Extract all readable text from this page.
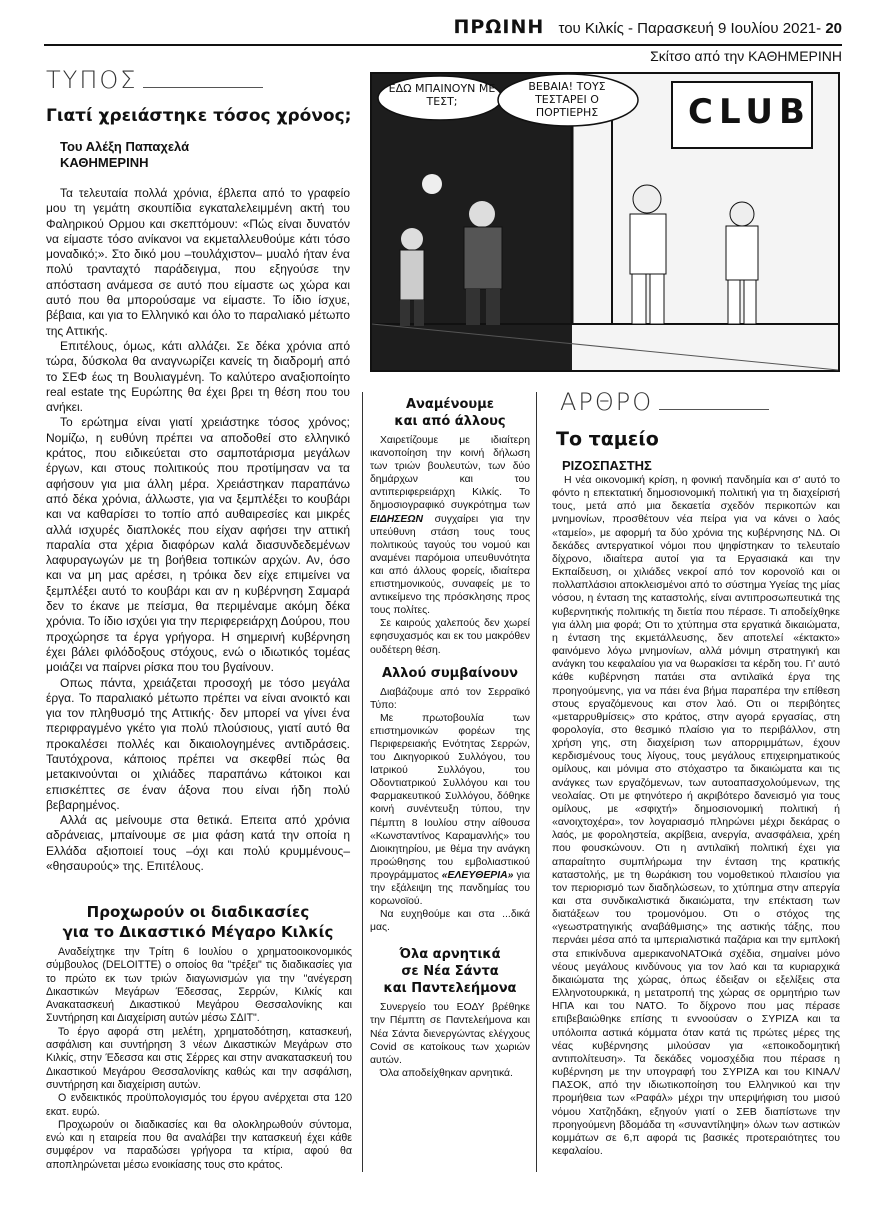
ΠΡΩΙΝΗ του Κιλκίς - Παρασκευή 9 Ιουλίου 2021- 20
Σκίτσο από την ΚΑΘΗΜΕΡΙΝΗ
ΤΥΠΟΣ
Γιατί χρειάστηκε τόσος χρόνος;
Του Αλέξη Παπαχελά
ΚΑΘΗΜΕΡΙΝΗ

Τα τελευταία πολλά χρόνια, έβλεπα από το γραφείο μου τη γεμάτη σκουπίδια εγκαταλελειμμένη ακτή του Φαληρικού Ορμου και σκεπτόμουν: «Πώς είναι δυνατόν να είμαστε τόσο ανίκανοι να εκμεταλλευθούμε κάτι τόσο μοναδικό;». Στο δικό μου –τουλάχιστον– μυαλό ήταν ένα πολύ τρανταχτό παράδειγμα, που εξηγούσε την απόσταση ανάμεσα σε αυτό που είμαστε ως χώρα και αυτό που θα μπορούσαμε να είμαστε. Το ίδιο ίσχυε, βέβαια, και για το Ελληνικό και όλο το παραλιακό μέτωπο της Αττικής.

Επιτέλους, όμως, κάτι αλλάζει. Σε δέκα χρόνια από τώρα, δύσκολα θα αναγνωρίζει κανείς τη διαδρομή από το ΣΕΦ έως τη Βουλιαγμένη. Το καλύτερο αναξιοποίητο real estate της Ευρώπης θα έχει βρει τη θέση που του ανήκει.

Το ερώτημα είναι γιατί χρειάστηκε τόσος χρόνος; Νομίζω, η ευθύνη πρέπει να αποδοθεί στο ελληνικό κράτος, που ειδικεύεται στο σαμποτάρισμα μεγάλων έργων, και στους πολιτικούς που προτίμησαν να τα αφήσουν για μια άλλη μέρα. Χρειάστηκαν παραπάνω από δέκα χρόνια, άλλωστε, για να ξεμπλέξει το κουβάρι και να καθαρίσει το τοπίο από αυθαιρεσίες και μικρές αλλά ισχυρές διαπλοκές που είχαν αφήσει την αττική παραλία στα χέρια διαφόρων καλά διασυνδεδεμένων λαφυραγωγών με τη βοήθεια τοπικών αρχών. Αν, όσο και να μη μας αρέσει, η τρόικα δεν είχε επιμείνει να ξεμπλέξει αυτό το κουβάρι και αν η κυβέρνηση Σαμαρά δεν το έκανε με πείσμα, θα περιμέναμε ακόμη δέκα χρόνια. Το ίδιο ισχύει για την περιφερειάρχη Δούρου, που προχώρησε τα έργα γρήγορα. Η σημερινή κυβέρνηση έχει βάλει φιλόδοξους στόχους, ενώ ο ιδιωτικός τομέας μοιάζει να παίρνει ρίσκα που του βγαίνουν.

Οπως πάντα, χρειάζεται προσοχή με τόσο μεγάλα έργα. Το παραλιακό μέτωπο πρέπει να είναι ανοικτό και για τον πληθυσμό της Αττικής· δεν μπορεί να γίνει ένα περιφραγμένο γκέτο για πολύ πλούσιους, γιατί αυτό θα προκαλέσει πολλές και δικαιολογημένες αντιδράσεις. Ταυτόχρονα, κάποιος πρέπει να σκεφθεί πώς θα μετακινούνται οι χιλιάδες παραπάνω κάτοικοι και επισκέπτες σε έναν άξονα που είναι ήδη πολύ βεβαρημένος.

Αλλά ας μείνουμε στα θετικά. Επειτα από χρόνια αδράνειας, μπαίνουμε σε μια φάση κατά την οποία η Ελλάδα αξιοποιεί τους –όχι και πολύ κρυμμένους– «θησαυρούς» της. Επιτέλους.

Προχωρούν οι διαδικασίες
για το Δικαστικό Μέγαρο Κιλκίς

Αναδείχτηκε την Τρίτη 6 Ιουλίου ο χρηματοοικονομικός σύμβουλος (DELOITTE) ο οποίος θα "τρέξει" τις διαδικασίες για το πρώτο εκ των τριών διαγωνισμών για την "ανέγερση Δικαστικών Μεγάρων Έδεσσας, Σερρών, Κιλκίς και Ανακατασκευή Δικαστικού Μεγάρου Θεσσαλονίκης και Συντήρηση και Διαχείριση αυτών μέσω ΣΔΙΤ".

Το έργο αφορά στη μελέτη, χρηματοδότηση, κατασκευή, ασφάλιση και συντήρηση 3 νέων Δικαστικών Μεγάρων στο Κιλκίς, στην Έδεσσα και στις Σέρρες και στην ανακατασκευή του Δικαστικού Μεγάρου Θεσσαλονίκης καθώς και την ασφάλιση, συντήρηση και διαχείριση αυτών.

Ο ενδεικτικός προϋπολογισμός του έργου ανέρχεται στα 120 εκατ. ευρώ.

Προχωρούν οι διαδικασίες και θα ολοκληρωθούν σύντομα, ενώ και η εταιρεία που θα αναλάβει την κατασκευή έχει κάθε συμφέρον να παραδώσει γρήγορα τα κτίρια, αφού θα αποπληρώνεται μέσω ενοικίασης τους στο κράτος.

ΕΔΩ ΜΠΑΙΝΟΥΝ ΜΕ ΤΕΣΤ;
ΒΕΒΑΙΑ! ΤΟΥΣ ΤΕΣΤΑΡΕΙ Ο ΠΟΡΤΙΕΡΗΣ	CLUB
Αναμένουμε
και από άλλους

Χαιρετίζουμε με ιδιαίτερη ικανοποίηση την κοινή δήλωση των τριών βουλευτών, των δύο δημάρχων και του αντιπεριφερειάρχη Κιλκίς. Το δημοσιογραφικό συγκρότημα των ΕΙΔΗΣΕΩΝ συγχαίρει για την υπεύθυνη στάση τους τους πολιτικούς ταγούς του νομού και αναμένει παρόμοια υπευθυνότητα και από άλλους φορείς, ιδιαίτερα επιστημονικούς, συναφείς με το αντικείμενο της πρόσκλησης προς τους πολίτες.

Σε καιρούς χαλεπούς δεν χωρεί εφησυχασμός και εκ του μακρόθεν ουδέτερη θέση.

Αλλού συμβαίνουν

Διαβάζουμε από τον Σερραϊκό Τύπο:

Με πρωτοβουλία των επιστημονικών φορέων της Περιφερειακής Ενότητας Σερρών, του Δικηγορικού Συλλόγου, του Ιατρικού Συλλόγου, του Οδοντιατρικού Συλλόγου και του Φαρμακευτικού Συλλόγου, δόθηκε κοινή συνέντευξη τύπου, την Πέμπτη 8 Ιουλίου στην αίθουσα «Κωνσταντίνος Καραμανλής» του Διοικητηρίου, με θέμα την ανάγκη προώθησης του εμβολιαστικού προγράμματος «ΕΛΕΥΘΕΡΙΑ» για την εξάλειψη της πανδημίας του κορωνοϊού.

Να ευχηθούμε και στα ...δικά μας.

Όλα αρνητικά
σε Νέα Σάντα
και Παντελεήμονα

Συνεργείο του ΕΟΔΥ βρέθηκε την Πέμπτη σε Παντελεήμονα και Νέα Σάντα διενεργώντας ελέγχους Covid σε κατοίκους των χωριών αυτών.

Όλα αποδείχθηκαν αρνητικά.

ΑΡΘΡΟ
Το ταμείο
ΡΙΖΟΣΠΑΣΤΗΣ

Η νέα οικονομική κρίση, η φονική πανδημία και σ' αυτό το φόντο η επεκτατική δημοσιονομική πολιτική για τη διαχείρισή τους, μετά από μια δεκαετία σχεδόν περικοπών και μνημονίων, προσθέτουν νέα πείρα για να κάνει ο λαός «ταμείο», με αφορμή τα δύο χρόνια της κυβέρνησης ΝΔ. Οι δεκάδες αντεργατικοί νόμοι που ψηφίστηκαν το τελευταίο δίχρονο, ιδιαίτερα αυτοί για τα Εργασιακά και την Εκπαίδευση, οι χιλιάδες νεκροί από τον κορονοϊό και οι πολλαπλάσιοι αποκλεισμένοι από το σύστημα Υγείας της μίας νόσου, η ένταση της καταστολής, είναι αντιπροσωπευτικά της κυβερνητικής πολιτικής τη διετία που πέρασε. Τι αποδείχθηκε για άλλη μια φορά; Οτι το χτύπημα στα εργατικά δικαιώματα, η ένταση της εκμετάλλευσης, δεν αποτελεί «έκτακτο» φαινόμενο λόγω μνημονίων, αλλά μόνιμη στρατηγική και ανάγκη του κεφαλαίου για να θωρακίσει τα κέρδη του. Γι' αυτό κάθε κυβέρνηση πατάει στα αντιλαϊκά έργα της προηγούμενης, για να πάει ένα βήμα παραπέρα την επίθεση στους εργαζόμενους και στον λαό. Οτι οι περιβόητες «μεταρρυθμίσεις» στο κράτος, στην αγορά εργασίας, στη φορολογία, στο θεσμικό πλαίσιο για το περιβάλλον, στη χρήση γης, στη διαχείριση των απορριμμάτων, έχουν κερδισμένους τους λίγους, τους μεγάλους επιχειρηματικούς ομίλους, και μόνιμα στο στόχαστρο τα δικαιώματα και τις ανάγκες των εργαζόμενων, των αυτοαπασχολούμενων, της νεολαίας. Οτι με φτηνότερο ή ακριβότερο δανεισμό για τους ομίλους, με «σφιχτή» δημοσιονομική πολιτική ή «ανοιχτοχέρα», τον λογαριασμό πληρώνει μέχρι δεκάρας ο λαός, με φοροληστεία, ακρίβεια, ανεργία, ανασφάλεια, χρέη που φουσκώνουν. Οτι η αντιλαϊκή πολιτική έχει για απαραίτητο συμπλήρωμα την ένταση της κρατικής καταστολής, με τη θωράκιση του νομοθετικού πλαισίου για τον περιορισμό των διαδηλώσεων, το χτύπημα στην απεργία και στα συνδικαλιστικά δικαιώματα, την επέκταση των διατάξεων του τρομονόμου. Οτι ο στόχος της «γεωστρατηγικής αναβάθμισης» της αστικής τάξης, που περνάει μέσα από τα ιμπεριαλιστικά παζάρια και την εμπλοκή στα επικίνδυνα αμερικανοΝΑΤΟικά σχέδια, σημαίνει μόνο νέους μεγάλους κινδύνους για τον λαό και τα κυριαρχικά δικαιώματα της χώρας, όπως έδειξαν οι εξελίξεις στα Ελληνοτουρκικά, η μετατροπή της χώρας σε ορμητήριο των ΗΠΑ και του ΝΑΤΟ. Το δίχρονο που μας πέρασε επιβεβαιώθηκε επίσης τι εννοούσαν ο ΣΥΡΙΖΑ και τα υπόλοιπα αστικά κόμματα όταν κατά τις πρώτες μέρες της νέας κυβέρνησης μιλούσαν για «εποικοδομητική αντιπολίτευση». Τα δεκάδες νομοσχέδια που πέρασε η κυβέρνηση με την υπογραφή του ΣΥΡΙΖΑ και του ΚΙΝΑΛ/ΠΑΣΟΚ, από την ιδιωτικοποίηση του Ελληνικού και την προμήθεια των «Ραφάλ» μέχρι την υπερψήφιση του μισού νόμου Χατζηδάκη, εξηγούν γιατί ο ΣΕΒ διαπίστωνε την προηγούμενη βδομάδα τη «συναντίληψη» όλων των αστικών κομμάτων σε 6,π αφορά τις βασικές προτεραιότητες του κεφαλαίου.
